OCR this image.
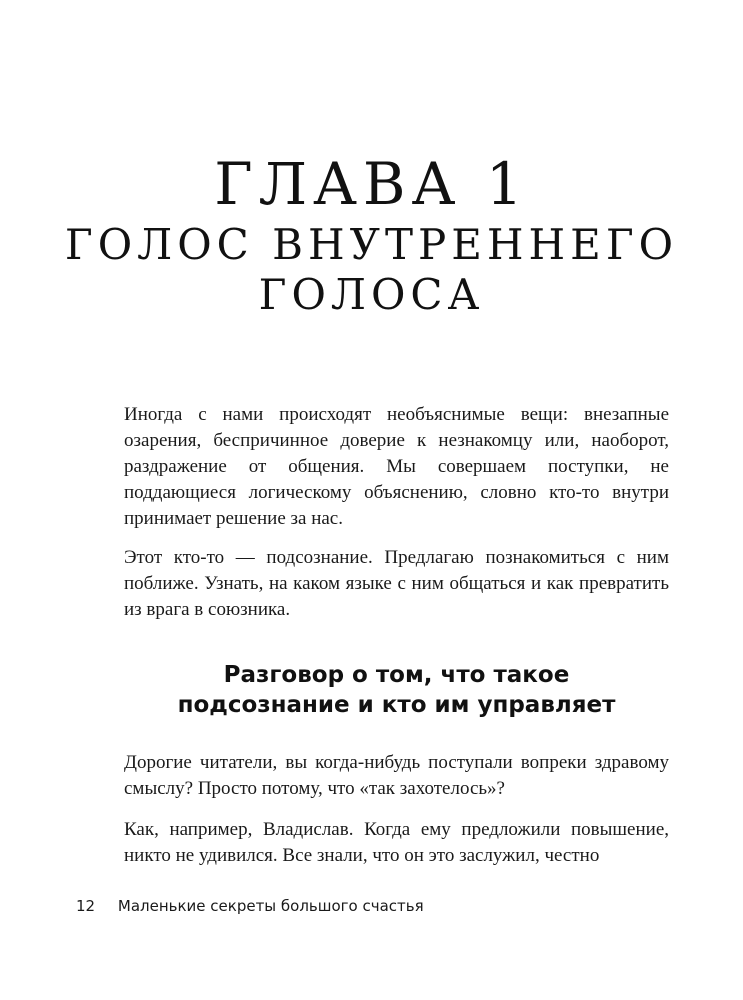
ГЛАВА 1
ГОЛОС ВНУТРЕННЕГО
ГОЛОСА

Иногда с нами происходят необъяснимые вещи: внезапные озарения, беспричинное доверие к незнакомцу или, наоборот, раздражение от общения. Мы совершаем поступки, не поддающиеся логическому объяснению, словно кто-то внутри принимает решение за нас.

Этот кто-то — подсознание. Предлагаю познакомиться с ним поближе. Узнать, на каком языке с ним общаться и как превратить из врага в союзника.

Разговор о том, что такое
подсознание и кто им управляет

Дорогие читатели, вы когда-нибудь поступали вопреки здравому смыслу? Просто потому, что «так захотелось»?

Как, например, Владислав. Когда ему предложили повышение, никто не удивился. Все знали, что он это заслужил, честно

12 Маленькие секреты большого счастья
